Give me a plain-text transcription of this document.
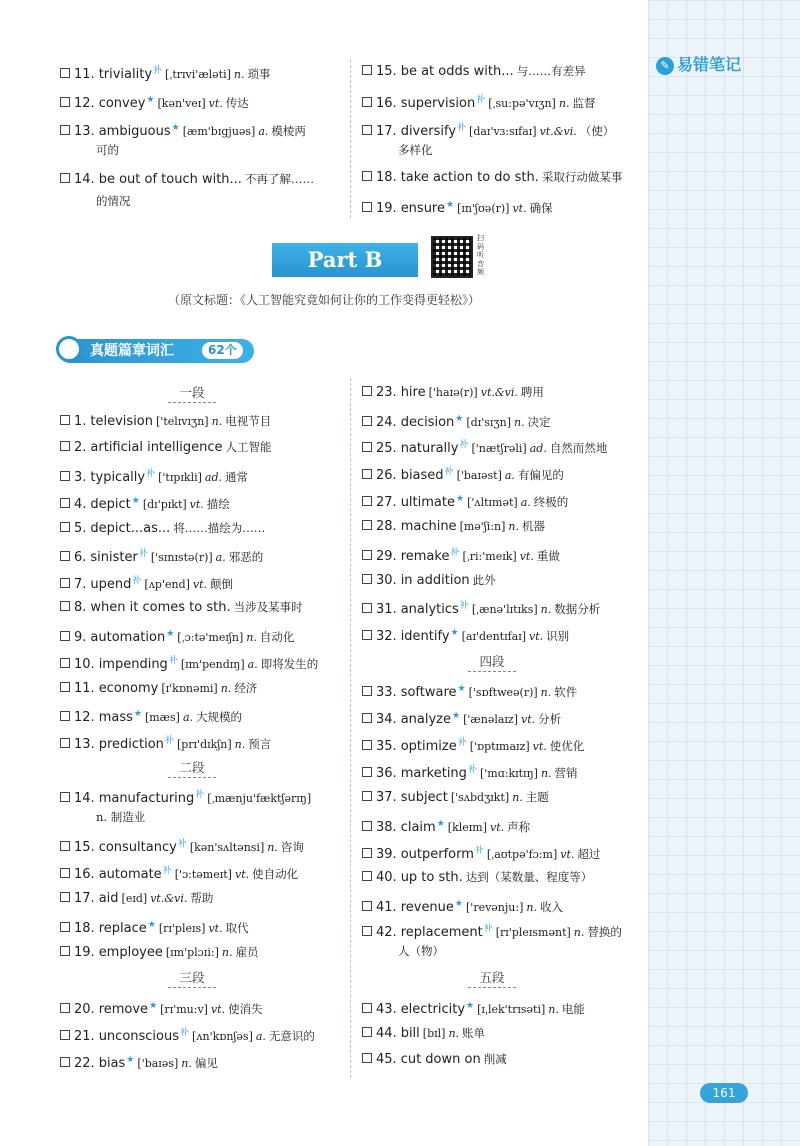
✎ 易错笔记
161
Part B
扫码听音频
（原文标题：《人工智能究竟如何让你的工作变得更轻松》）
真题篇章词汇	62个
一段
二段
三段
四段
五段
11. triviality$^补$ [ˌtrɪvi'æləti] n. 琐事
12. convey★ [kən'veɪ] vt. 传达
13. ambiguous★ [æm'bɪgjuəs] a. 模棱两
可的
14. be out of touch with... 不再了解……
的情况
15. be at odds with... 与……有差异
16. supervision$^补$ [ˌsu:pə'vɪʒn] n. 监督
17. diversify$^补$ [daɪ'vɜ:sɪfaɪ] vt.&vi. （使）
多样化
18. take action to do sth. 采取行动做某事
19. ensure★ [ɪn'ʃʊə(r)] vt. 确保
1. television ['telɪvɪʒn] n. 电视节目
2. artificial intelligence 人工智能
3. typically$^补$ ['tɪpɪkli] ad. 通常
4. depict★ [dɪ'pɪkt] vt. 描绘
5. depict...as... 将……描绘为……
6. sinister$^补$ ['sɪnɪstə(r)] a. 邪恶的
7. upend$^补$ [ʌp'end] vt. 颠倒
8. when it comes to sth. 当涉及某事时
9. automation★ [ˌɔ:tə'meɪʃn] n. 自动化
10. impending$^补$ [ɪm'pendɪŋ] a. 即将发生的
11. economy [ɪ'kɒnəmi] n. 经济
12. mass★ [mæs] a. 大规模的
13. prediction$^补$ [prɪ'dɪkʃn] n. 预言
14. manufacturing$^补$ [ˌmænju'fæktʃərɪŋ]
n. 制造业
15. consultancy$^补$ [kən'sʌltənsi] n. 咨询
16. automate$^补$ ['ɔ:təmeɪt] vt. 使自动化
17. aid [eɪd] vt.&vi. 帮助
18. replace★ [rɪ'pleɪs] vt. 取代
19. employee [ɪm'plɔɪi:] n. 雇员
20. remove★ [rɪ'mu:v] vt. 使消失
21. unconscious$^补$ [ʌn'kɒnʃəs] a. 无意识的
22. bias★ ['baɪəs] n. 偏见
23. hire ['haɪə(r)] vt.&vi. 聘用
24. decision★ [dɪ'sɪʒn] n. 决定
25. naturally$^补$ ['nætʃrəli] ad. 自然而然地
26. biased$^补$ ['baɪəst] a. 有偏见的
27. ultimate★ ['ʌltɪmət] a. 终极的
28. machine [mə'ʃi:n] n. 机器
29. remake$^补$ [ˌri:'meɪk] vt. 重做
30. in addition 此外
31. analytics$^补$ [ˌænə'lɪtɪks] n. 数据分析
32. identify★ [aɪ'dentɪfaɪ] vt. 识别
33. software★ ['sɒftweə(r)] n. 软件
34. analyze★ ['ænəlaɪz] vt. 分析
35. optimize$^补$ ['ɒptɪmaɪz] vt. 使优化
36. marketing$^补$ ['mɑ:kɪtɪŋ] n. 营销
37. subject ['sʌbdʒɪkt] n. 主题
38. claim★ [kleɪm] vt. 声称
39. outperform$^补$ [ˌaʊtpə'fɔ:m] vt. 超过
40. up to sth. 达到（某数量、程度等）
41. revenue★ ['revənju:] n. 收入
42. replacement$^补$ [rɪ'pleɪsmənt] n. 替换的
人（物）
43. electricity★ [ɪˌlek'trɪsəti] n. 电能
44. bill [bɪl] n. 账单
45. cut down on 削减
